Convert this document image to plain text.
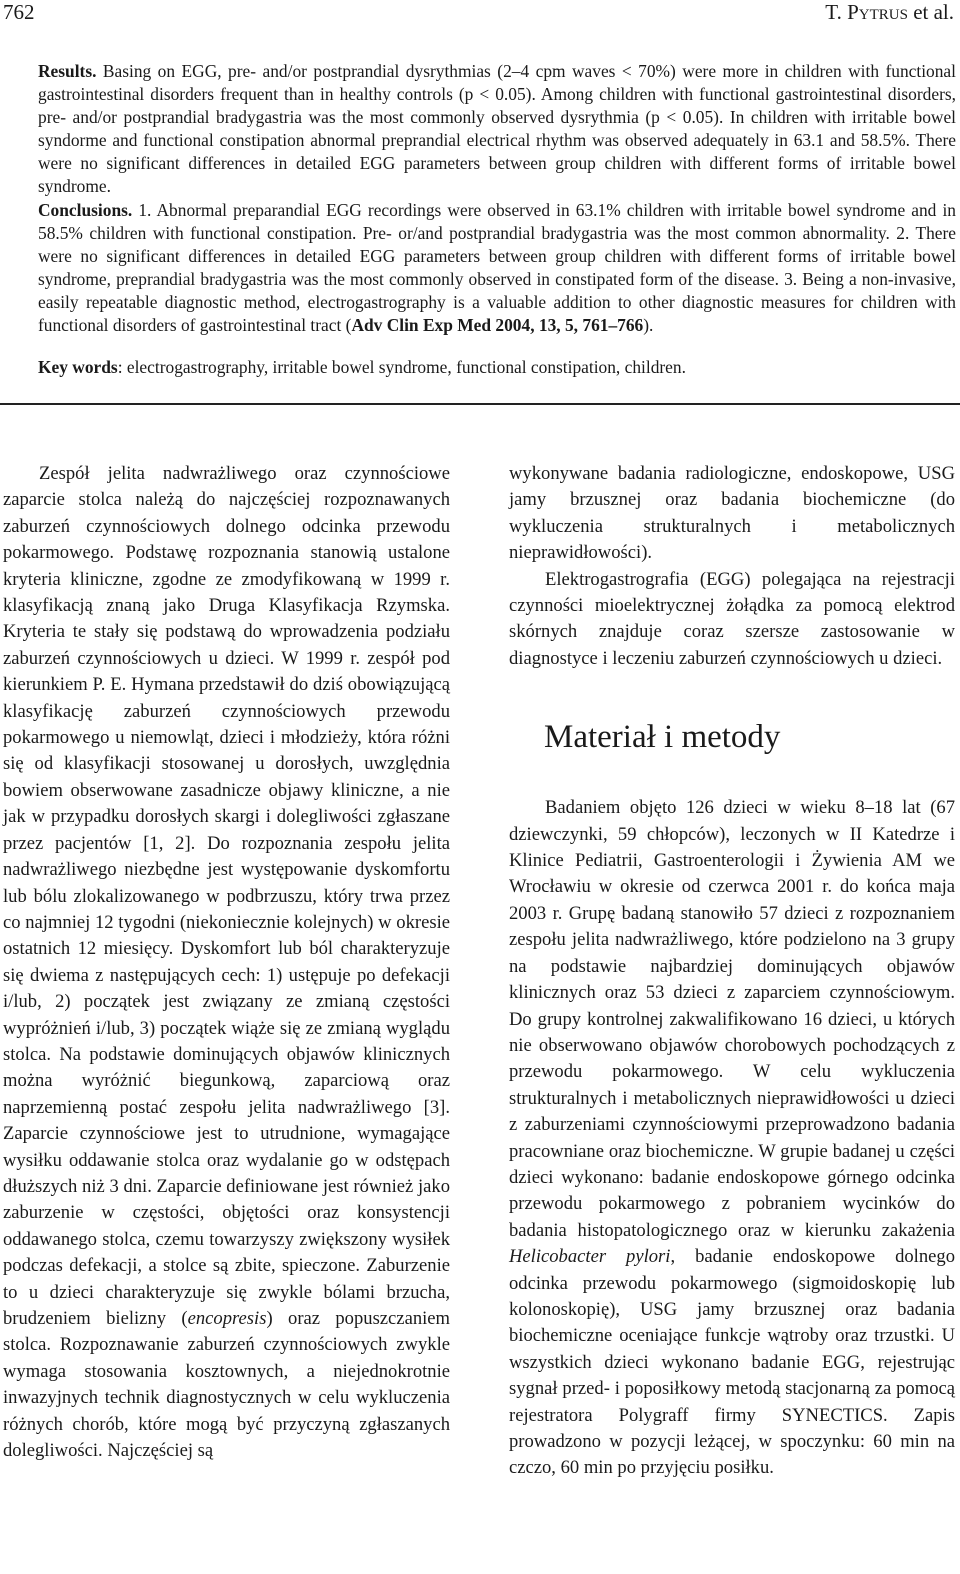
762	T. Pytrus et al.

Results. Basing on EGG, pre- and/or postprandial dysrythmias (2–4 cpm waves < 70%) were more in children with functional gastrointestinal disorders frequent than in healthy controls (p < 0.05). Among children with functional gastrointestinal disorders, pre- and/or postprandial bradygastria was the most commonly observed dysrythmia (p < 0.05). In children with irritable bowel syndorme and functional constipation abnormal preprandial electrical rhythm was observed adequately in 63.1 and 58.5%. There were no significant differences in detailed EGG parameters between group children with different forms of irritable bowel syndrome.
Conclusions. 1. Abnormal preparandial EGG recordings were observed in 63.1% children with irritable bowel syndrome and in 58.5% children with functional constipation. Pre- or/and postprandial bradygastria was the most common abnormality. 2. There were no significant differences in detailed EGG parameters between group children with different forms of irritable bowel syndrome, preprandial bradygastria was the most commonly observed in constipated form of the disease. 3. Being a non-invasive, easily repeatable diagnostic method, electrogastrography is a valuable addition to other diagnostic measures for children with functional disorders of gastrointestinal tract (Adv Clin Exp Med 2004, 13, 5, 761–766).

Key words: electrogastrography, irritable bowel syndrome, functional constipation, children.

Zespół jelita nadwrażliwego oraz czynnościowe zaparcie stolca należą do najczęściej rozpoznawanych zaburzeń czynnościowych dolnego odcinka przewodu pokarmowego. Podstawę rozpoznania stanowią ustalone kryteria kliniczne, zgodne ze zmodyfikowaną w 1999 r. klasyfikacją znaną jako Druga Klasyfikacja Rzymska. Kryteria te stały się podstawą do wprowadzenia podziału zaburzeń czynnościowych u dzieci. W 1999 r. zespół pod kierunkiem P. E. Hymana przedstawił do dziś obowiązującą klasyfikację zaburzeń czynnościowych przewodu pokarmowego u niemowląt, dzieci i młodzieży, która różni się od klasyfikacji stosowanej u dorosłych, uwzględnia bowiem obserwowane zasadnicze objawy kliniczne, a nie jak w przypadku dorosłych skargi i dolegliwości zgłaszane przez pacjentów [1, 2]. Do rozpoznania zespołu jelita nadwrażliwego niezbędne jest występowanie dyskomfortu lub bólu zlokalizowanego w podbrzuszu, który trwa przez co najmniej 12 tygodni (niekoniecznie kolejnych) w okresie ostatnich 12 miesięcy. Dyskomfort lub ból charakteryzuje się dwiema z następujących cech: 1) ustępuje po defekacji i/lub, 2) początek jest związany ze zmianą częstości wypróżnień i/lub, 3) początek wiąże się ze zmianą wyglądu stolca. Na podstawie dominujących objawów klinicznych można wyróżnić biegunkową, zaparciową oraz naprzemienną postać zespołu jelita nadwrażliwego [3]. Zaparcie czynnościowe jest to utrudnione, wymagające wysiłku oddawanie stolca oraz wydalanie go w odstępach dłuższych niż 3 dni. Zaparcie definiowane jest również jako zaburzenie w częstości, objętości oraz konsystencji oddawanego stolca, czemu towarzyszy zwiększony wysiłek podczas defekacji, a stolce są zbite, spieczone. Zaburzenie to u dzieci charakteryzuje się zwykle bólami brzucha, brudzeniem bielizny (encopresis) oraz popuszczaniem stolca. Rozpoznawanie zaburzeń czynnościowych zwykle wymaga stosowania kosztownych, a niejednokrotnie inwazyjnych technik diagnostycznych w celu wykluczenia różnych chorób, które mogą być przyczyną zgłaszanych dolegliwości. Najczęściej są

wykonywane badania radiologiczne, endoskopowe, USG jamy brzusznej oraz badania biochemiczne (do wykluczenia strukturalnych i metabolicznych nieprawidłowości).

Elektrogastrografia (EGG) polegająca na rejestracji czynności mioelektrycznej żołądka za pomocą elektrod skórnych znajduje coraz szersze zastosowanie w diagnostyce i leczeniu zaburzeń czynnościowych u dzieci.

Materiał i metody

Badaniem objęto 126 dzieci w wieku 8–18 lat (67 dziewczynki, 59 chłopców), leczonych w II Katedrze i Klinice Pediatrii, Gastroenterologii i Żywienia AM we Wrocławiu w okresie od czerwca 2001 r. do końca maja 2003 r. Grupę badaną stanowiło 57 dzieci z rozpoznaniem zespołu jelita nadwrażliwego, które podzielono na 3 grupy na podstawie najbardziej dominujących objawów klinicznych oraz 53 dzieci z zaparciem czynnościowym. Do grupy kontrolnej zakwalifikowano 16 dzieci, u których nie obserwowano objawów chorobowych pochodzących z przewodu pokarmowego. W celu wykluczenia strukturalnych i metabolicznych nieprawidłowości u dzieci z zaburzeniami czynnościowymi przeprowadzono badania pracowniane oraz biochemiczne. W grupie badanej u części dzieci wykonano: badanie endoskopowe górnego odcinka przewodu pokarmowego z pobraniem wycinków do badania histopatologicznego oraz w kierunku zakażenia Helicobacter pylori, badanie endoskopowe dolnego odcinka przewodu pokarmowego (sigmoidoskopię lub kolonoskopię), USG jamy brzusznej oraz badania biochemiczne oceniające funkcje wątroby oraz trzustki. U wszystkich dzieci wykonano badanie EGG, rejestrując sygnał przed- i poposiłkowy metodą stacjonarną za pomocą rejestratora Polygraff firmy SYNECTICS. Zapis prowadzono w pozycji leżącej, w spoczynku: 60 min na czczo, 60 min po przyjęciu posiłku.
